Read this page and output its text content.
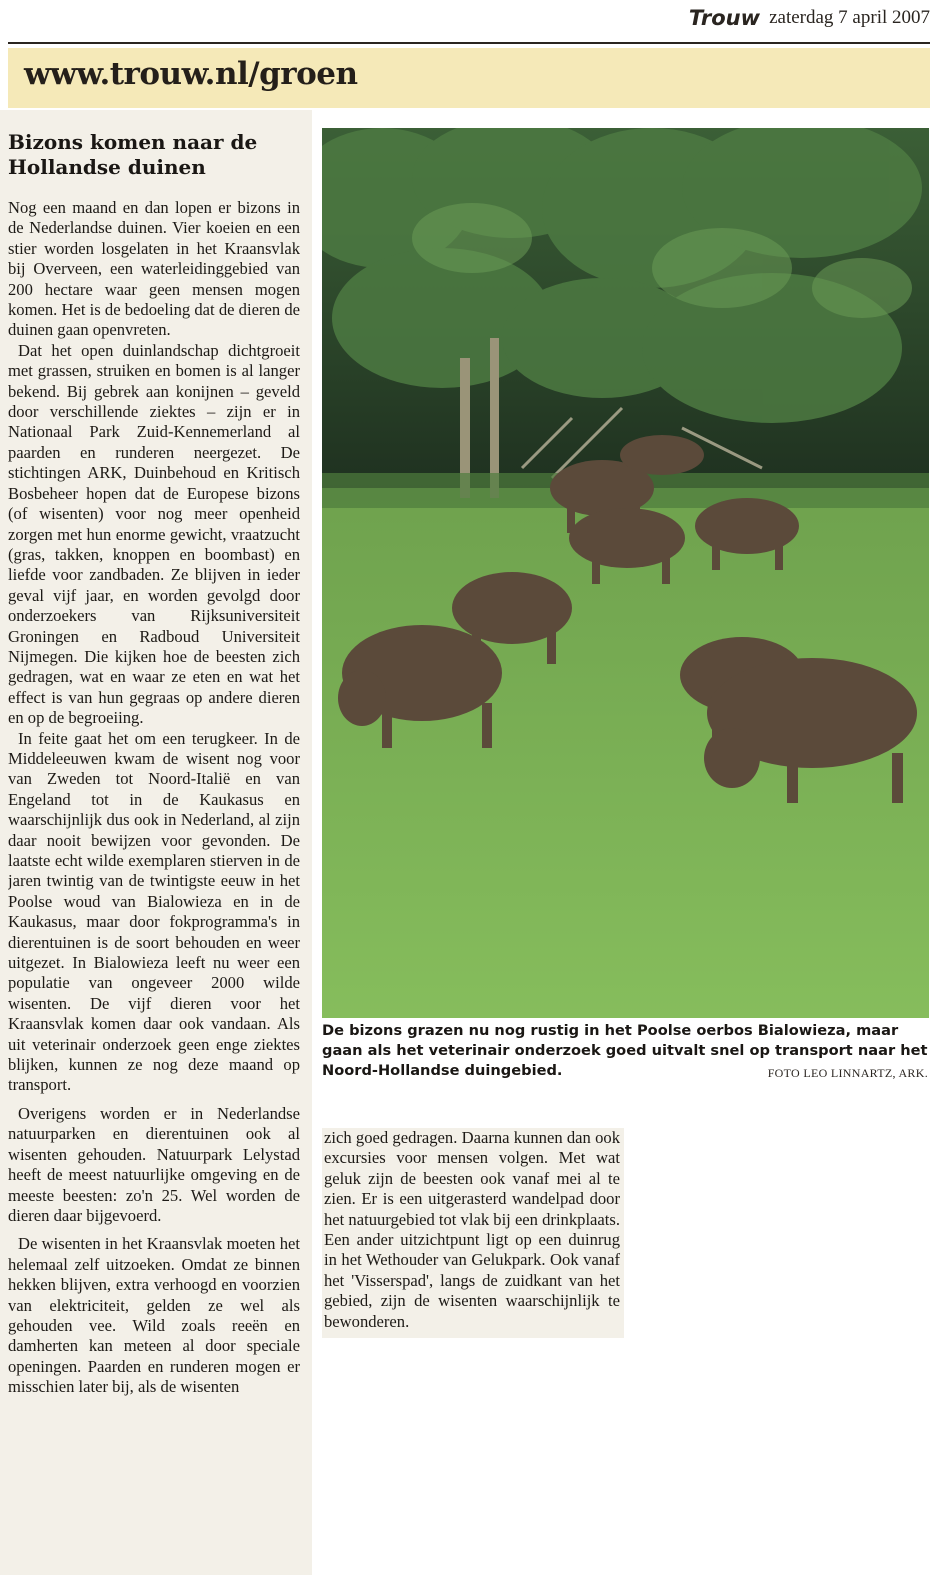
Trouw zaterdag 7 april 2007
www.trouw.nl/groen
Bizons komen naar de Hollandse duinen

Nog een maand en dan lopen er bizons in de Nederlandse duinen. Vier koeien en een stier worden losgelaten in het Kraansvlak bij Overveen, een waterleidinggebied van 200 hectare waar geen mensen mogen komen. Het is de bedoeling dat de dieren de duinen gaan openvreten.

Dat het open duinlandschap dichtgroeit met grassen, struiken en bomen is al langer bekend. Bij gebrek aan konijnen – geveld door verschillende ziektes – zijn er in Nationaal Park Zuid-Kennemerland al paarden en runderen neergezet. De stichtingen ARK, Duinbehoud en Kritisch Bosbeheer hopen dat de Europese bizons (of wisenten) voor nog meer openheid zorgen met hun enorme gewicht, vraatzucht (gras, takken, knoppen en boombast) en liefde voor zandbaden. Ze blijven in ieder geval vijf jaar, en worden gevolgd door onderzoekers van Rijksuniversiteit Groningen en Radboud Universiteit Nijmegen. Die kijken hoe de beesten zich gedragen, wat en waar ze eten en wat het effect is van hun gegraas op andere dieren en op de begroeiing.

In feite gaat het om een terugkeer. In de Middeleeuwen kwam de wisent nog voor van Zweden tot Noord-Italië en van Engeland tot in de Kaukasus en waarschijnlijk dus ook in Nederland, al zijn daar nooit bewijzen voor gevonden. De laatste echt wilde exemplaren stierven in de jaren twintig van de twintigste eeuw in het Poolse woud van Bialowieza en in de Kaukasus, maar door fokprogramma's in dierentuinen is de soort behouden en weer uitgezet. In Bialowieza leeft nu weer een populatie van ongeveer 2000 wilde wisenten. De vijf dieren voor het Kraansvlak komen daar ook vandaan. Als uit veterinair onderzoek geen enge ziektes blijken, kunnen ze nog deze maand op transport.

Overigens worden er in Nederlandse natuurparken en dierentuinen ook al wisenten gehouden. Natuurpark Lelystad heeft de meest natuurlijke omgeving en de meeste beesten: zo'n 25. Wel worden de dieren daar bijgevoerd.

De wisenten in het Kraansvlak moeten het helemaal zelf uitzoeken. Omdat ze binnen hekken blijven, extra verhoogd en voorzien van elektriciteit, gelden ze wel als gehouden vee. Wild zoals reeën en damherten kan meteen al door speciale openingen. Paarden en runderen mogen er misschien later bij, als de wisenten

De bizons grazen nu nog rustig in het Poolse oerbos Bialowieza, maar gaan als het veterinair onderzoek goed uitvalt snel op transport naar het Noord-Hollandse duingebied.	FOTO LEO LINNARTZ, ARK.

zich goed gedragen. Daarna kunnen dan ook excursies voor mensen volgen. Met wat geluk zijn de beesten ook vanaf mei al te zien. Er is een uitgerasterd wandelpad door het natuurgebied tot vlak bij een drinkplaats. Een ander uitzichtpunt ligt op een duinrug in het Wethouder van Gelukpark. Ook vanaf het 'Visserspad', langs de zuidkant van het gebied, zijn de wisenten waarschijnlijk te bewonderen.
